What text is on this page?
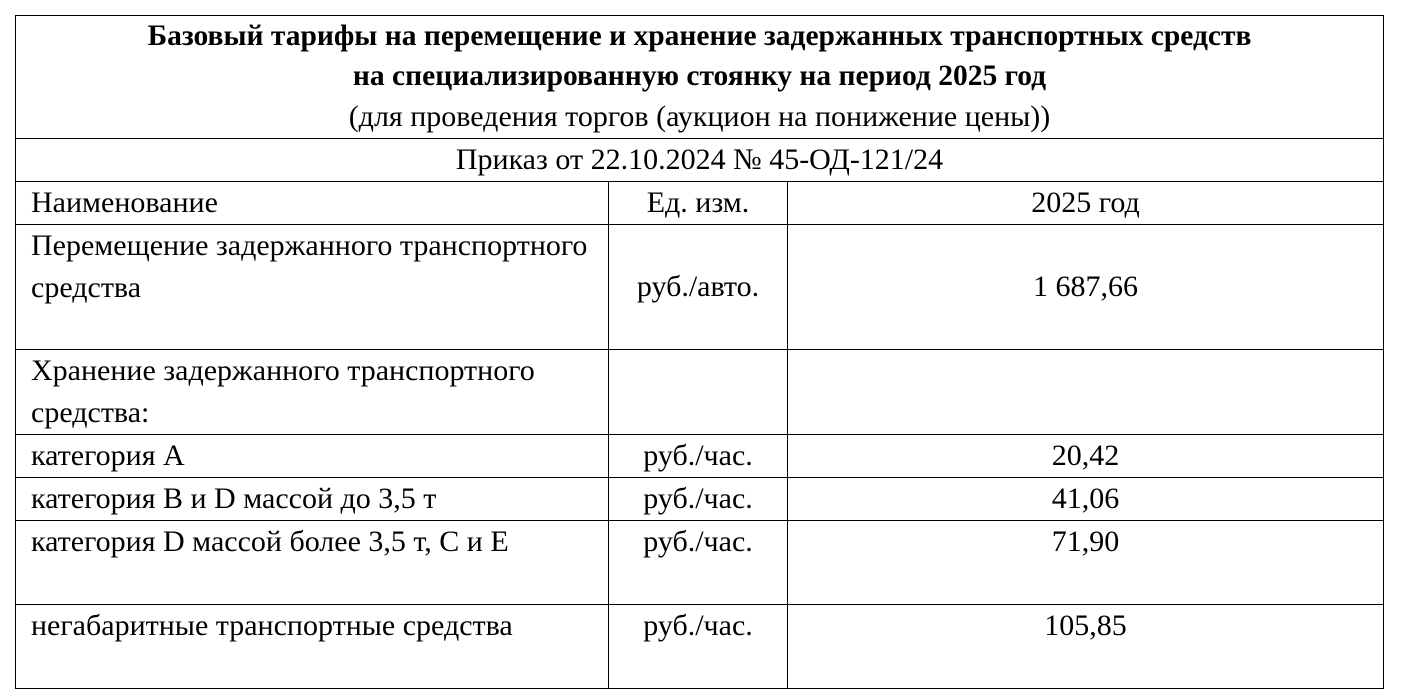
Базовый тарифы на перемещение и хранение задержанных транспортных средств
на специализированную стоянку на период 2025 год
(для проведения торгов (аукцион на понижение цены))		

Приказ от 22.10.2024 № 45-ОД-121/24		
Наименование	Ед. изм.	2025 год
Перемещение задержанного транспортного средства	руб./авто.	1 687,66
Хранение задержанного транспортного средства:		
категория A	руб./час.	20,42
категория B и D массой до 3,5 т	руб./час.	41,06
категория D массой более 3,5 т, C и E	руб./час.	71,90
негабаритные транспортные средства	руб./час.	105,85
